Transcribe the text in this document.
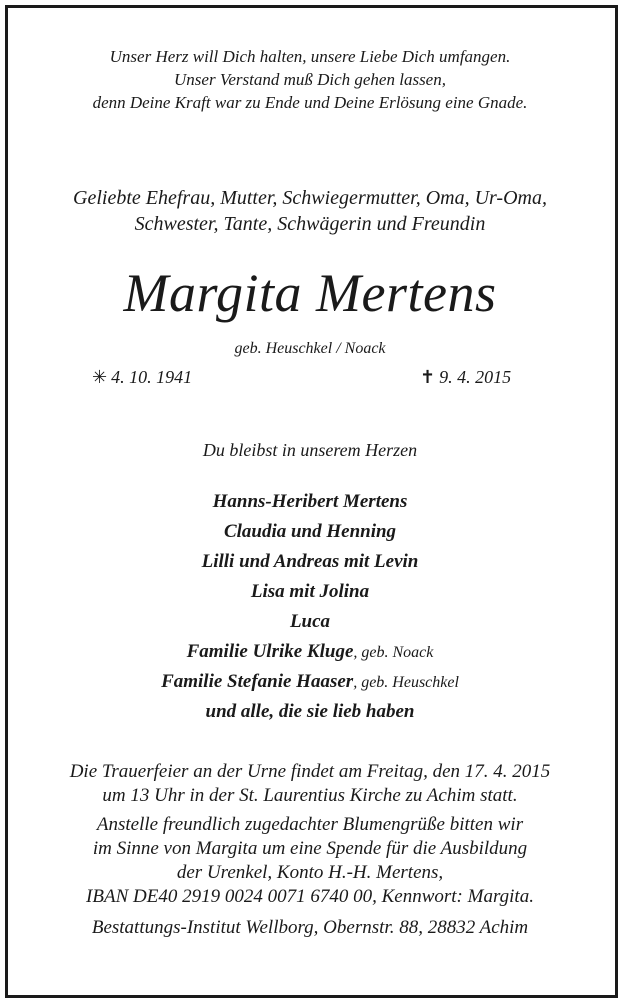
Unser Herz will Dich halten, unsere Liebe Dich umfangen.
Unser Verstand muß Dich gehen lassen,
denn Deine Kraft war zu Ende und Deine Erlösung eine Gnade.
Geliebte Ehefrau, Mutter, Schwiegermutter, Oma, Ur-Oma,
Schwester, Tante, Schwägerin und Freundin
Margita Mertens
geb. Heuschkel / Noack
✳ 4. 10. 1941	✝ 9. 4. 2015
Du bleibst in unserem Herzen
Hanns-Heribert Mertens
Claudia und Henning
Lilli und Andreas mit Levin
Lisa mit Jolina
Luca
Familie Ulrike Kluge, geb. Noack
Familie Stefanie Haaser, geb. Heuschkel
und alle, die sie lieb haben
Die Trauerfeier an der Urne findet am Freitag, den 17. 4. 2015
um 13 Uhr in der St. Laurentius Kirche zu Achim statt.
Anstelle freundlich zugedachter Blumengrüße bitten wir
im Sinne von Margita um eine Spende für die Ausbildung
der Urenkel, Konto H.-H. Mertens,
IBAN DE40 2919 0024 0071 6740 00, Kennwort: Margita.
Bestattungs-Institut Wellborg, Obernstr. 88, 28832 Achim
